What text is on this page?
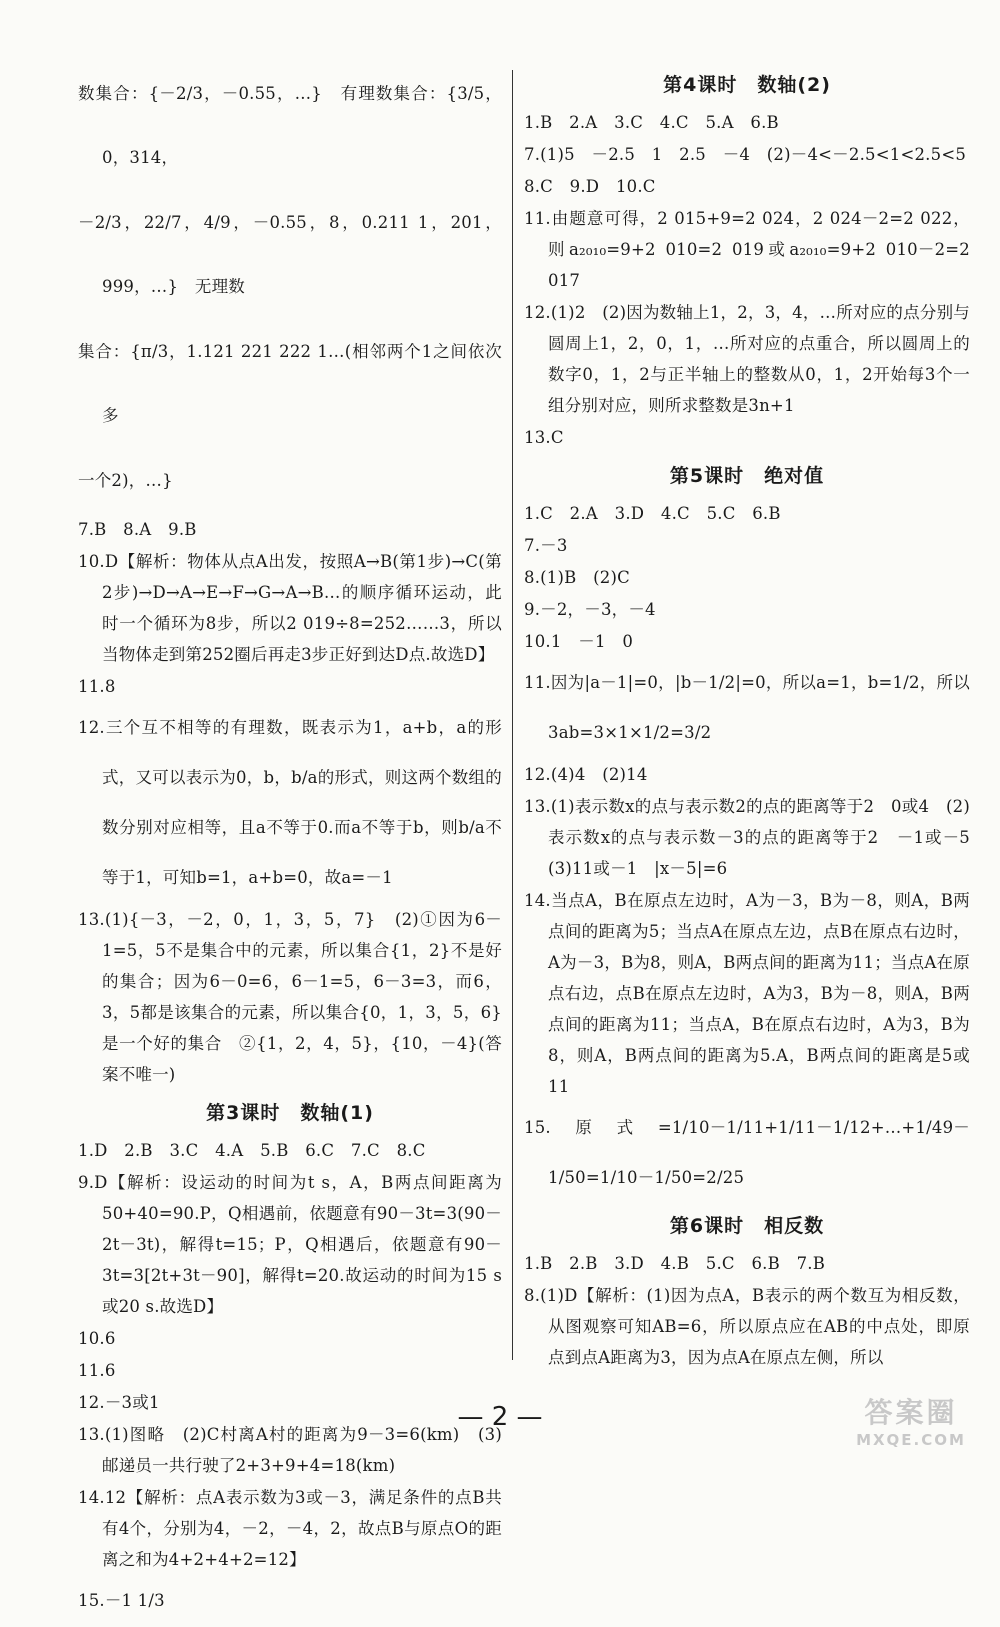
数集合：{－2/3，－0.55，…}　有理数集合：{3/5，0，314，
－2/3，22/7，4/9，－0.55，8，0.211 1，201，999，…}　无理数
集合：{π/3，1.121 221 222 1…(相邻两个1之间依次多
一个2)，…}
7.B　8.A　9.B
10.D【解析：物体从点A出发，按照A→B(第1步)→C(第2步)→D→A→E→F→G→A→B…的顺序循环运动，此时一个循环为8步，所以2 019÷8=252……3，所以当物体走到第252圈后再走3步正好到达D点.故选D】
11.8
12.三个互不相等的有理数，既表示为1，a+b，a的形式，又可以表示为0，b，b/a的形式，则这两个数组的数分别对应相等，且a不等于0.而a不等于b，则b/a不等于1，可知b=1，a+b=0，故a=－1
13.(1){－3，－2，0，1，3，5，7}　(2)①因为6－1=5，5不是集合中的元素，所以集合{1，2}不是好的集合；因为6－0=6，6－1=5，6－3=3，而6，3，5都是该集合的元素，所以集合{0，1，3，5，6}是一个好的集合　②{1，2，4，5}，{10，－4}(答案不唯一)
第3课时　数轴(1)
1.D　2.B　3.C　4.A　5.B　6.C　7.C　8.C
9.D【解析：设运动的时间为t s，A，B两点间距离为50+40=90.P，Q相遇前，依题意有90－3t=3(90－2t－3t)，解得t=15；P，Q相遇后，依题意有90－3t=3[2t+3t－90]，解得t=20.故运动的时间为15 s或20 s.故选D】
10.6
11.6
12.－3或1
13.(1)图略　(2)C村离A村的距离为9－3=6(km)　(3)邮递员一共行驶了2+3+9+4=18(km)
14.12【解析：点A表示数为3或－3，满足条件的点B共有4个，分别为4，－2，－4，2，故点B与原点O的距离之和为4+2+4+2=12】
15.－1 1/3
第4课时　数轴(2)
1.B　2.A　3.C　4.C　5.A　6.B
7.(1)5　－2.5　1　2.5　－4　(2)－4<－2.5<1<2.5<5
8.C　9.D　10.C
11.由题意可得，2 015+9=2 024，2 024－2=2 022，则a₂₀₁₀=9+2 010=2 019或a₂₀₁₀=9+2 010－2=2 017
12.(1)2　(2)因为数轴上1，2，3，4，…所对应的点分别与圆周上1，2，0，1，…所对应的点重合，所以圆周上的数字0，1，2与正半轴上的整数从0，1，2开始每3个一组分别对应，则所求整数是3n+1
13.C
第5课时　绝对值
1.C　2.A　3.D　4.C　5.C　6.B
7.－3
8.(1)B　(2)C
9.－2，－3，－4
10.1　－1　0
11.因为|a－1|=0，|b－1/2|=0，所以a=1，b=1/2，所以3ab=3×1×1/2=3/2
12.(4)4　(2)14
13.(1)表示数x的点与表示数2的点的距离等于2　0或4　(2)表示数x的点与表示数－3的点的距离等于2　－1或－5　(3)11或－1　|x－5|=6
14.当点A，B在原点左边时，A为－3，B为－8，则A，B两点间的距离为5；当点A在原点左边，点B在原点右边时，A为－3，B为8，则A，B两点间的距离为11；当点A在原点右边，点B在原点左边时，A为3，B为－8，则A，B两点间的距离为11；当点A，B在原点右边时，A为3，B为8，则A，B两点间的距离为5.A，B两点间的距离是5或11
15.原式=1/10－1/11+1/11－1/12+…+1/49－1/50=1/10－1/50=2/25
第6课时　相反数
1.B　2.B　3.D　4.B　5.C　6.B　7.B
8.(1)D【解析：(1)因为点A，B表示的两个数互为相反数，从图观察可知AB=6，所以原点应在AB的中点处，即原点到点A距离为3，因为点A在原点左侧，所以
— 2 —	答案圈
MXQE.COM
